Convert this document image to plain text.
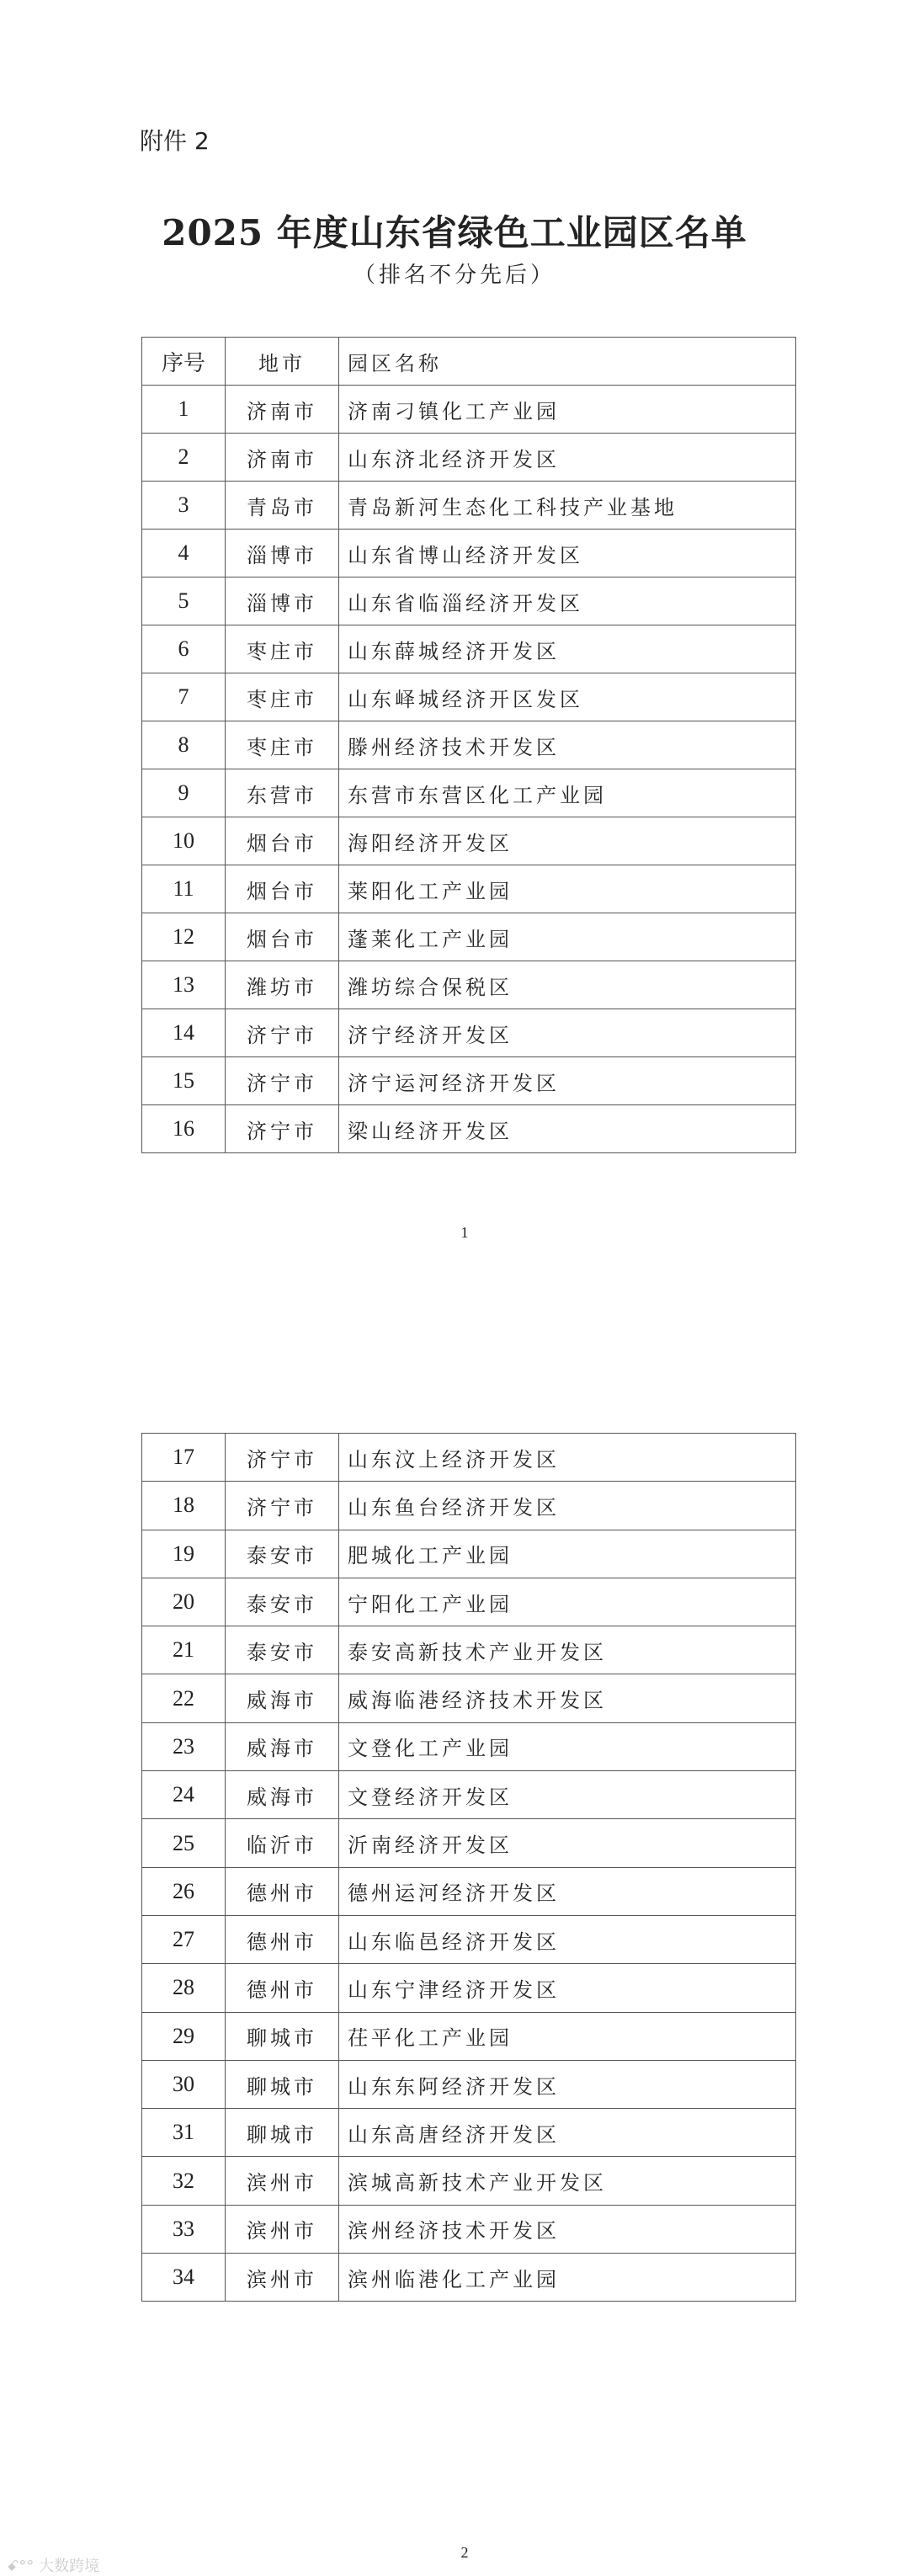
附件 2
2025 年度山东省绿色工业园区名单
（排名不分先后）
序号	地市	园区名称
1	济南市	济南刁镇化工产业园
2	济南市	山东济北经济开发区
3	青岛市	青岛新河生态化工科技产业基地
4	淄博市	山东省博山经济开发区
5	淄博市	山东省临淄经济开发区
6	枣庄市	山东薛城经济开发区
7	枣庄市	山东峄城经济开区发区
8	枣庄市	滕州经济技术开发区
9	东营市	东营市东营区化工产业园
10	烟台市	海阳经济开发区
11	烟台市	莱阳化工产业园
12	烟台市	蓬莱化工产业园
13	潍坊市	潍坊综合保税区
14	济宁市	济宁经济开发区
15	济宁市	济宁运河经济开发区
16	济宁市	梁山经济开发区
1
17	济宁市	山东汶上经济开发区
18	济宁市	山东鱼台经济开发区
19	泰安市	肥城化工产业园
20	泰安市	宁阳化工产业园
21	泰安市	泰安高新技术产业开发区
22	威海市	威海临港经济技术开发区
23	威海市	文登化工产业园
24	威海市	文登经济开发区
25	临沂市	沂南经济开发区
26	德州市	德州运河经济开发区
27	德州市	山东临邑经济开发区
28	德州市	山东宁津经济开发区
29	聊城市	茌平化工产业园
30	聊城市	山东东阿经济开发区
31	聊城市	山东高唐经济开发区
32	滨州市	滨城高新技术产业开发区
33	滨州市	滨州经济技术开发区
34	滨州市	滨州临港化工产业园
2
ꗃ°° 大数跨境
